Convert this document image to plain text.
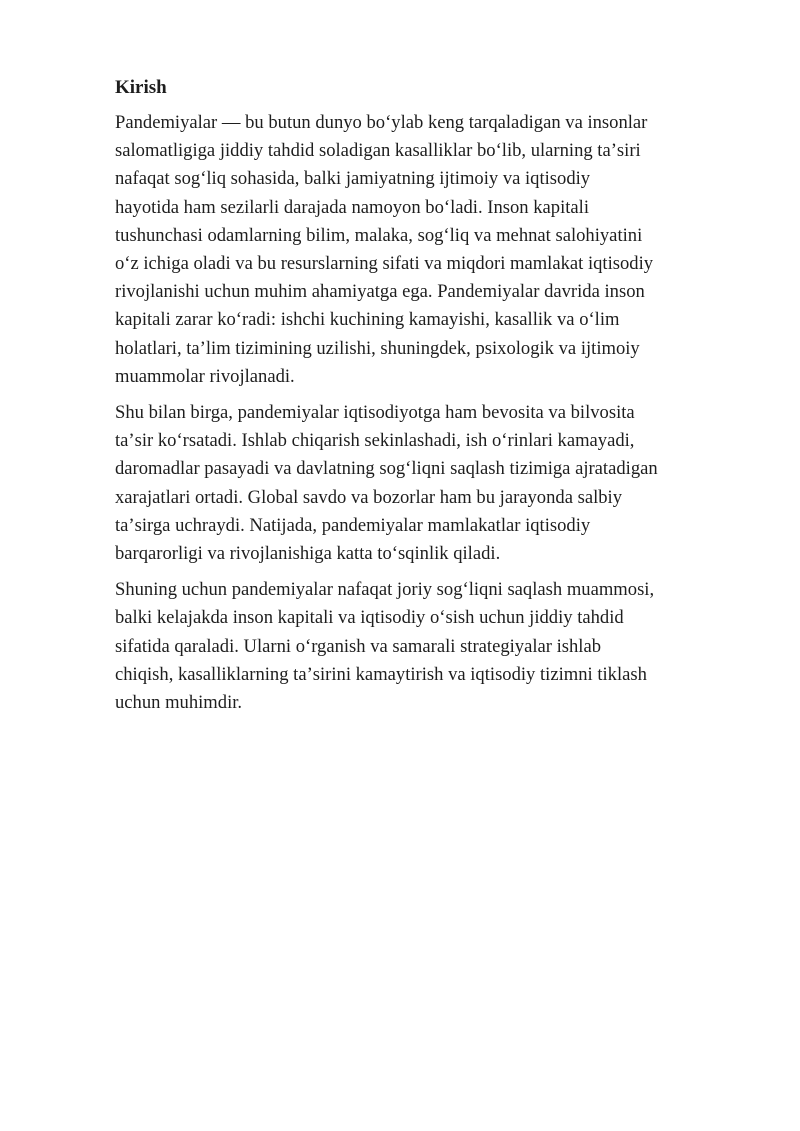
Kirish
Pandemiyalar — bu butun dunyo boʻylab keng tarqaladigan va insonlar
salomatligiga jiddiy tahdid soladigan kasalliklar boʻlib, ularning taʼsiri
nafaqat sogʻliq sohasida, balki jamiyatning ijtimoiy va iqtisodiy
hayotida ham sezilarli darajada namoyon boʻladi. Inson kapitali
tushunchasi odamlarning bilim, malaka, sogʻliq va mehnat salohiyatini
oʻz ichiga oladi va bu resurslarning sifati va miqdori mamlakat iqtisodiy
rivojlanishi uchun muhim ahamiyatga ega. Pandemiyalar davrida inson
kapitali zarar koʻradi: ishchi kuchining kamayishi, kasallik va oʻlim
holatlari, taʼlim tizimining uzilishi, shuningdek, psixologik va ijtimoiy
muammolar rivojlanadi.
Shu bilan birga, pandemiyalar iqtisodiyotga ham bevosita va bilvosita
taʼsir koʻrsatadi. Ishlab chiqarish sekinlashadi, ish oʻrinlari kamayadi,
daromadlar pasayadi va davlatning sogʻliqni saqlash tizimiga ajratadigan
xarajatlari ortadi. Global savdo va bozorlar ham bu jarayonda salbiy
taʼsirga uchraydi. Natijada, pandemiyalar mamlakatlar iqtisodiy
barqarorligi va rivojlanishiga katta toʻsqinlik qiladi.
Shuning uchun pandemiyalar nafaqat joriy sogʻliqni saqlash muammosi,
balki kelajakda inson kapitali va iqtisodiy oʻsish uchun jiddiy tahdid
sifatida qaraladi. Ularni oʻrganish va samarali strategiyalar ishlab
chiqish, kasalliklarning taʼsirini kamaytirish va iqtisodiy tizimni tiklash
uchun muhimdir.
